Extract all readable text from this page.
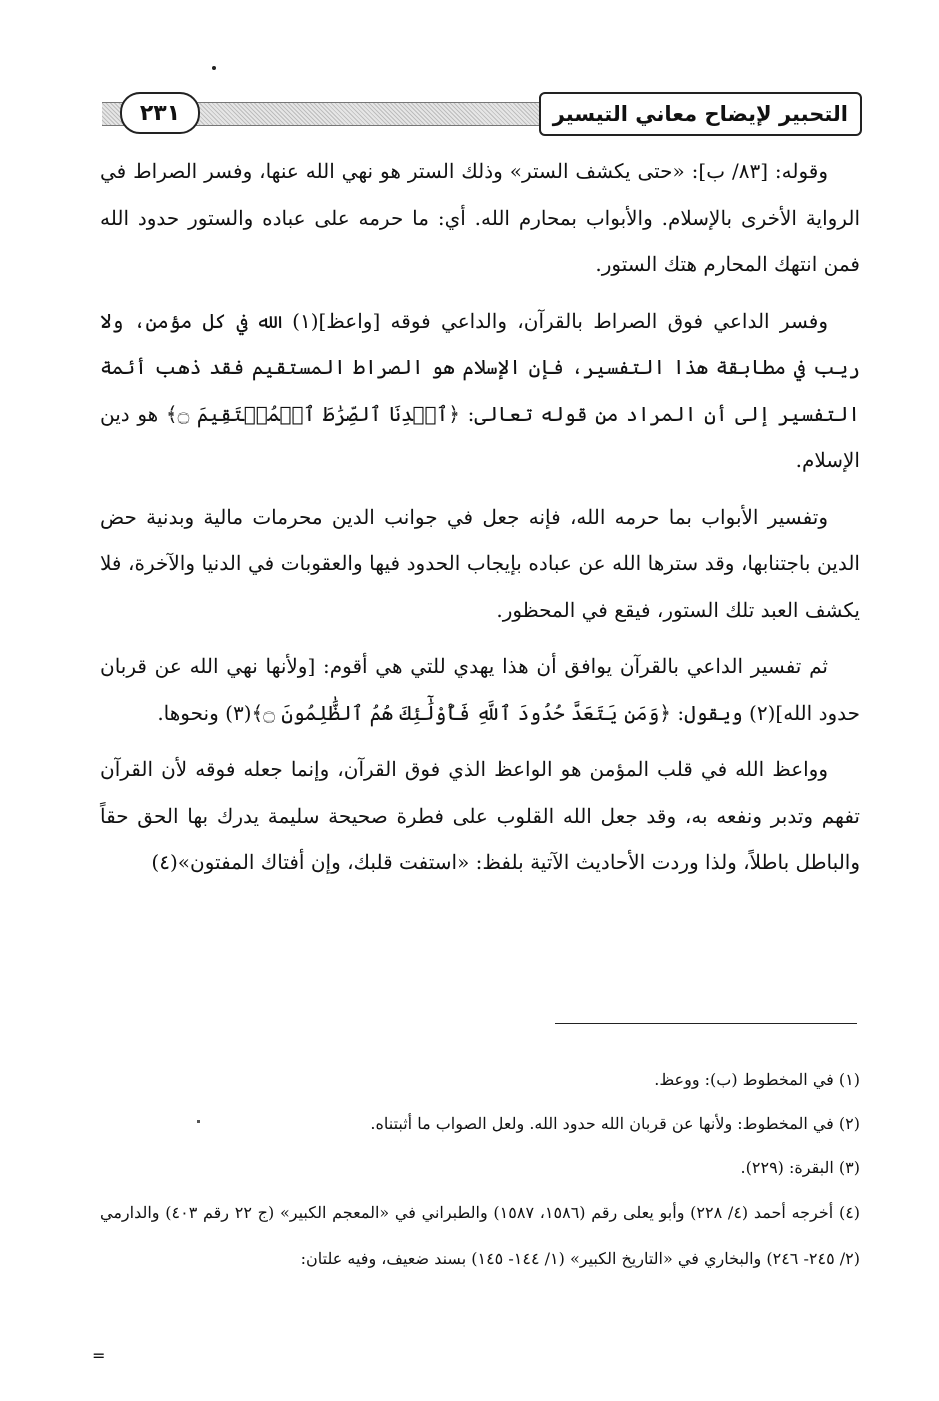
التحبير لإيضاح معاني التيسير
٢٣١

وقوله: [٨٣/ ب]: «حتى يكشف الستر» وذلك الستر هو نهي الله عنها، وفسر الصراط في الرواية الأخرى بالإسلام. والأبواب بمحارم الله. أي: ما حرمه على عباده والستور حدود الله فمن انتهك المحارم هتك الستور.

وفسر الداعي فوق الصراط بالقرآن، والداعي فوقه [واعظ](١) الله في كل مؤمن، ولا ريب في مطابقة هذا التفسير، فإن الإسلام هو الصراط المستقيم فقد ذهب أئمة التفسير إلى أن المراد من قوله تعالى: ﴿ٱهۡدِنَا ٱلصِّرَٰطَ ٱلۡمُسۡتَقِيمَ ۝﴾ هو دين الإسلام.

وتفسير الأبواب بما حرمه الله، فإنه جعل في جوانب الدين محرمات مالية وبدنية حض الدين باجتنابها، وقد سترها الله عن عباده بإيجاب الحدود فيها والعقوبات في الدنيا والآخرة، فلا يكشف العبد تلك الستور، فيقع في المحظور.

ثم تفسير الداعي بالقرآن يوافق أن هذا يهدي للتي هي أقوم: [ولأنها نهي الله عن قربان حدود الله](٢) ويقول: ﴿وَمَن يَتَعَدَّ حُدُودَ ٱللَّهِ فَأُوْلَٰٓئِكَ هُمُ ٱلظَّٰلِمُونَ ۝﴾(٣) ونحوها.

وواعظ الله في قلب المؤمن هو الواعظ الذي فوق القرآن، وإنما جعله فوقه لأن القرآن تفهم وتدبر ونفعه به، وقد جعل الله القلوب على فطرة صحيحة سليمة يدرك بها الحق حقاً والباطل باطلاً، ولذا وردت الأحاديث الآتية بلفظ: «استفت قلبك، وإن أفتاك المفتون»(٤)

(١) في المخطوط (ب): ووعظ.

(٢) في المخطوط: ولأنها عن قربان الله حدود الله. ولعل الصواب ما أثبتناه.

(٣) البقرة: (٢٢٩).

(٤) أخرجه أحمد (٤/ ٢٢٨) وأبو يعلى رقم (١٥٨٦، ١٥٨٧) والطبراني في «المعجم الكبير» (ج ٢٢ رقم ٤٠٣) والدارمي (٢/ ٢٤٥- ٢٤٦) والبخاري في «التاريخ الكبير» (١/ ١٤٤- ١٤٥) بسند ضعيف، وفيه علتان:

=
